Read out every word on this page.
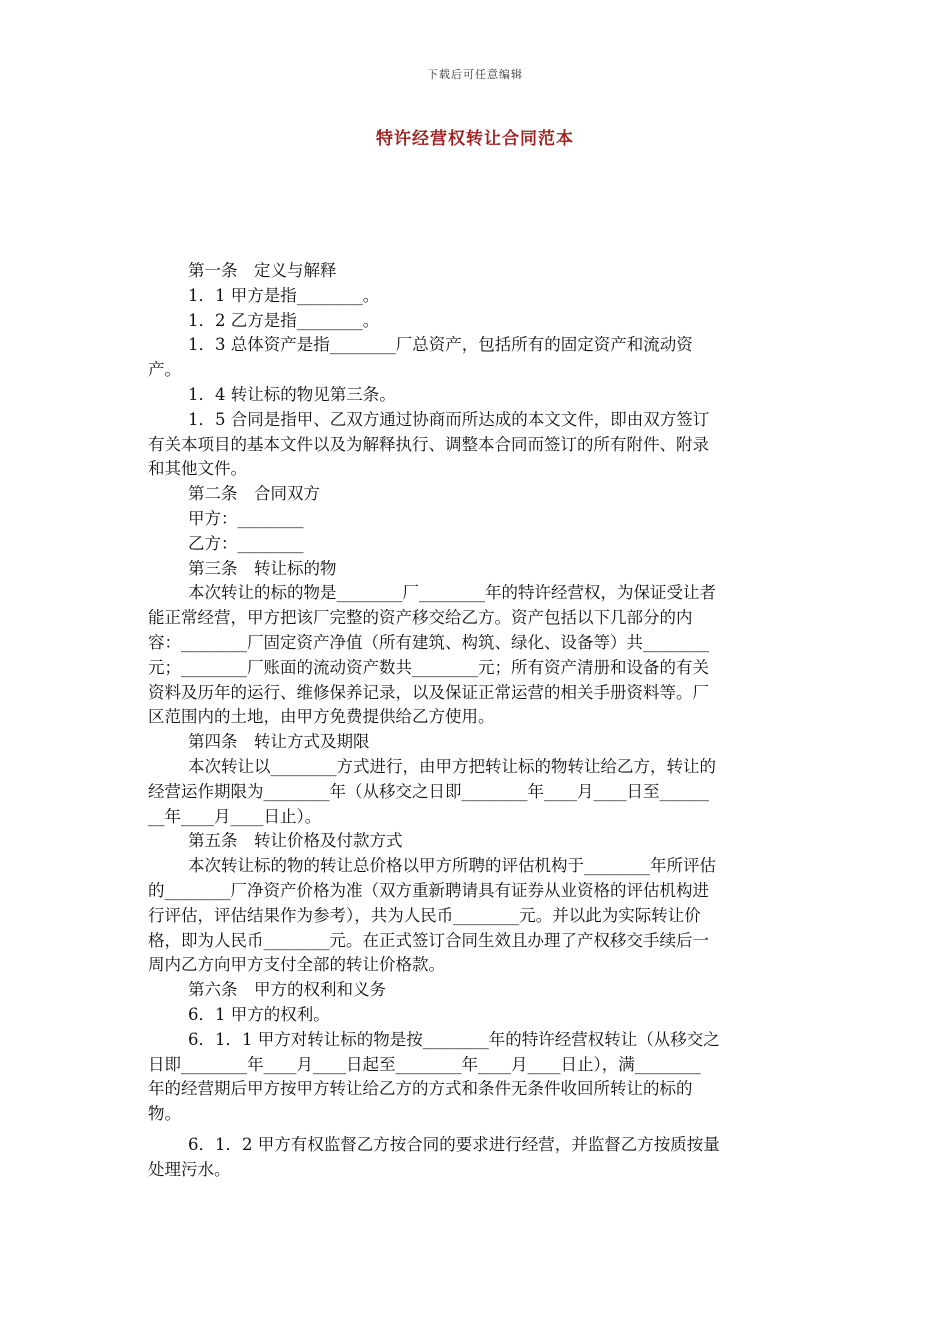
下载后可任意编辑
特许经营权转让合同范本
第一条　定义与解释
1．1 甲方是指________。
1．2 乙方是指________。
1．3 总体资产是指________厂总资产，包括所有的固定资产和流动资
产。
1．4 转让标的物见第三条。
1．5 合同是指甲、乙双方通过协商而所达成的本文文件，即由双方签订
有关本项目的基本文件以及为解释执行、调整本合同而签订的所有附件、附录
和其他文件。
第二条　合同双方
甲方：________
乙方：________
第三条　转让标的物
本次转让的标的物是________厂________年的特许经营权，为保证受让者
能正常经营，甲方把该厂完整的资产移交给乙方。资产包括以下几部分的内
容：________厂固定资产净值（所有建筑、构筑、绿化、设备等）共________
元；________厂账面的流动资产数共________元；所有资产清册和设备的有关
资料及历年的运行、维修保养记录，以及保证正常运营的相关手册资料等。厂
区范围内的土地，由甲方免费提供给乙方使用。
第四条　转让方式及期限
本次转让以________方式进行，由甲方把转让标的物转让给乙方，转让的
经营运作期限为________年（从移交之日即________年____月____日至______
__年____月____日止）。
第五条　转让价格及付款方式
本次转让标的物的转让总价格以甲方所聘的评估机构于________年所评估
的________厂净资产价格为准（双方重新聘请具有证券从业资格的评估机构进
行评估，评估结果作为参考），共为人民币________元。并以此为实际转让价
格，即为人民币________元。在正式签订合同生效且办理了产权移交手续后一
周内乙方向甲方支付全部的转让价格款。
第六条　甲方的权利和义务
6．1 甲方的权利。
6．1．1 甲方对转让标的物是按________年的特许经营权转让（从移交之
日即________年____月____日起至________年____月____日止），满________
年的经营期后甲方按甲方转让给乙方的方式和条件无条件收回所转让的标的
物。
6．1．2 甲方有权监督乙方按合同的要求进行经营，并监督乙方按质按量
处理污水。
